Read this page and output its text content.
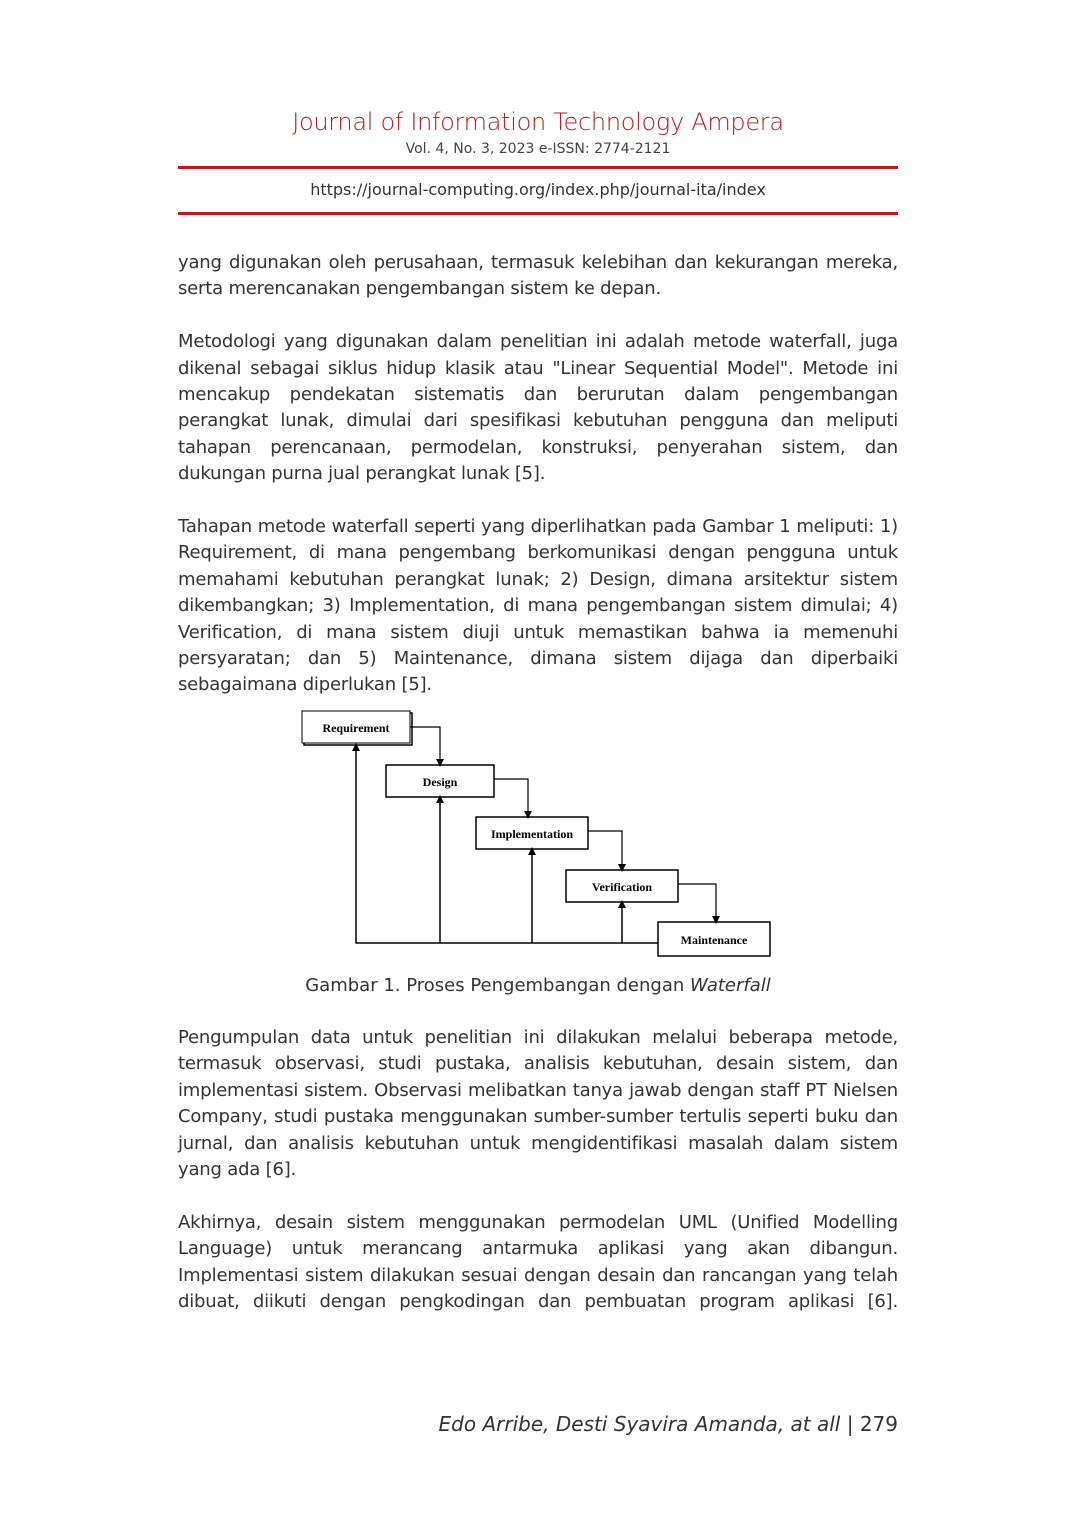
Journal of Information Technology Ampera
Vol. 4, No. 3, 2023 e-ISSN: 2774-2121
https://journal-computing.org/index.php/journal-ita/index

yang digunakan oleh perusahaan, termasuk kelebihan dan kekurangan mereka, serta merencanakan pengembangan sistem ke depan.

Metodologi yang digunakan dalam penelitian ini adalah metode waterfall, juga dikenal sebagai siklus hidup klasik atau "Linear Sequential Model". Metode ini mencakup pendekatan sistematis dan berurutan dalam pengembangan perangkat lunak, dimulai dari spesifikasi kebutuhan pengguna dan meliputi tahapan perencanaan, permodelan, konstruksi, penyerahan sistem, dan dukungan purna jual perangkat lunak [5].

Tahapan metode waterfall seperti yang diperlihatkan pada Gambar 1 meliputi: 1) Requirement, di mana pengembang berkomunikasi dengan pengguna untuk memahami kebutuhan perangkat lunak; 2) Design, dimana arsitektur sistem dikembangkan; 3) Implementation, di mana pengembangan sistem dimulai; 4) Verification, di mana sistem diuji untuk memastikan bahwa ia memenuhi persyaratan; dan 5) Maintenance, dimana sistem dijaga dan diperbaiki sebagaimana diperlukan [5].

Requirement
Design
Implementation
Verification
Maintenance
Gambar 1. Proses Pengembangan dengan Waterfall

Pengumpulan data untuk penelitian ini dilakukan melalui beberapa metode, termasuk observasi, studi pustaka, analisis kebutuhan, desain sistem, dan implementasi sistem. Observasi melibatkan tanya jawab dengan staff PT Nielsen Company, studi pustaka menggunakan sumber-sumber tertulis seperti buku dan jurnal, dan analisis kebutuhan untuk mengidentifikasi masalah dalam sistem yang ada [6].

Akhirnya, desain sistem menggunakan permodelan UML (Unified Modelling Language) untuk merancang antarmuka aplikasi yang akan dibangun. Implementasi sistem dilakukan sesuai dengan desain dan rancangan yang telah dibuat, diikuti dengan pengkodingan dan pembuatan program aplikasi [6].

Edo Arribe, Desti Syavira Amanda, at all | 279
